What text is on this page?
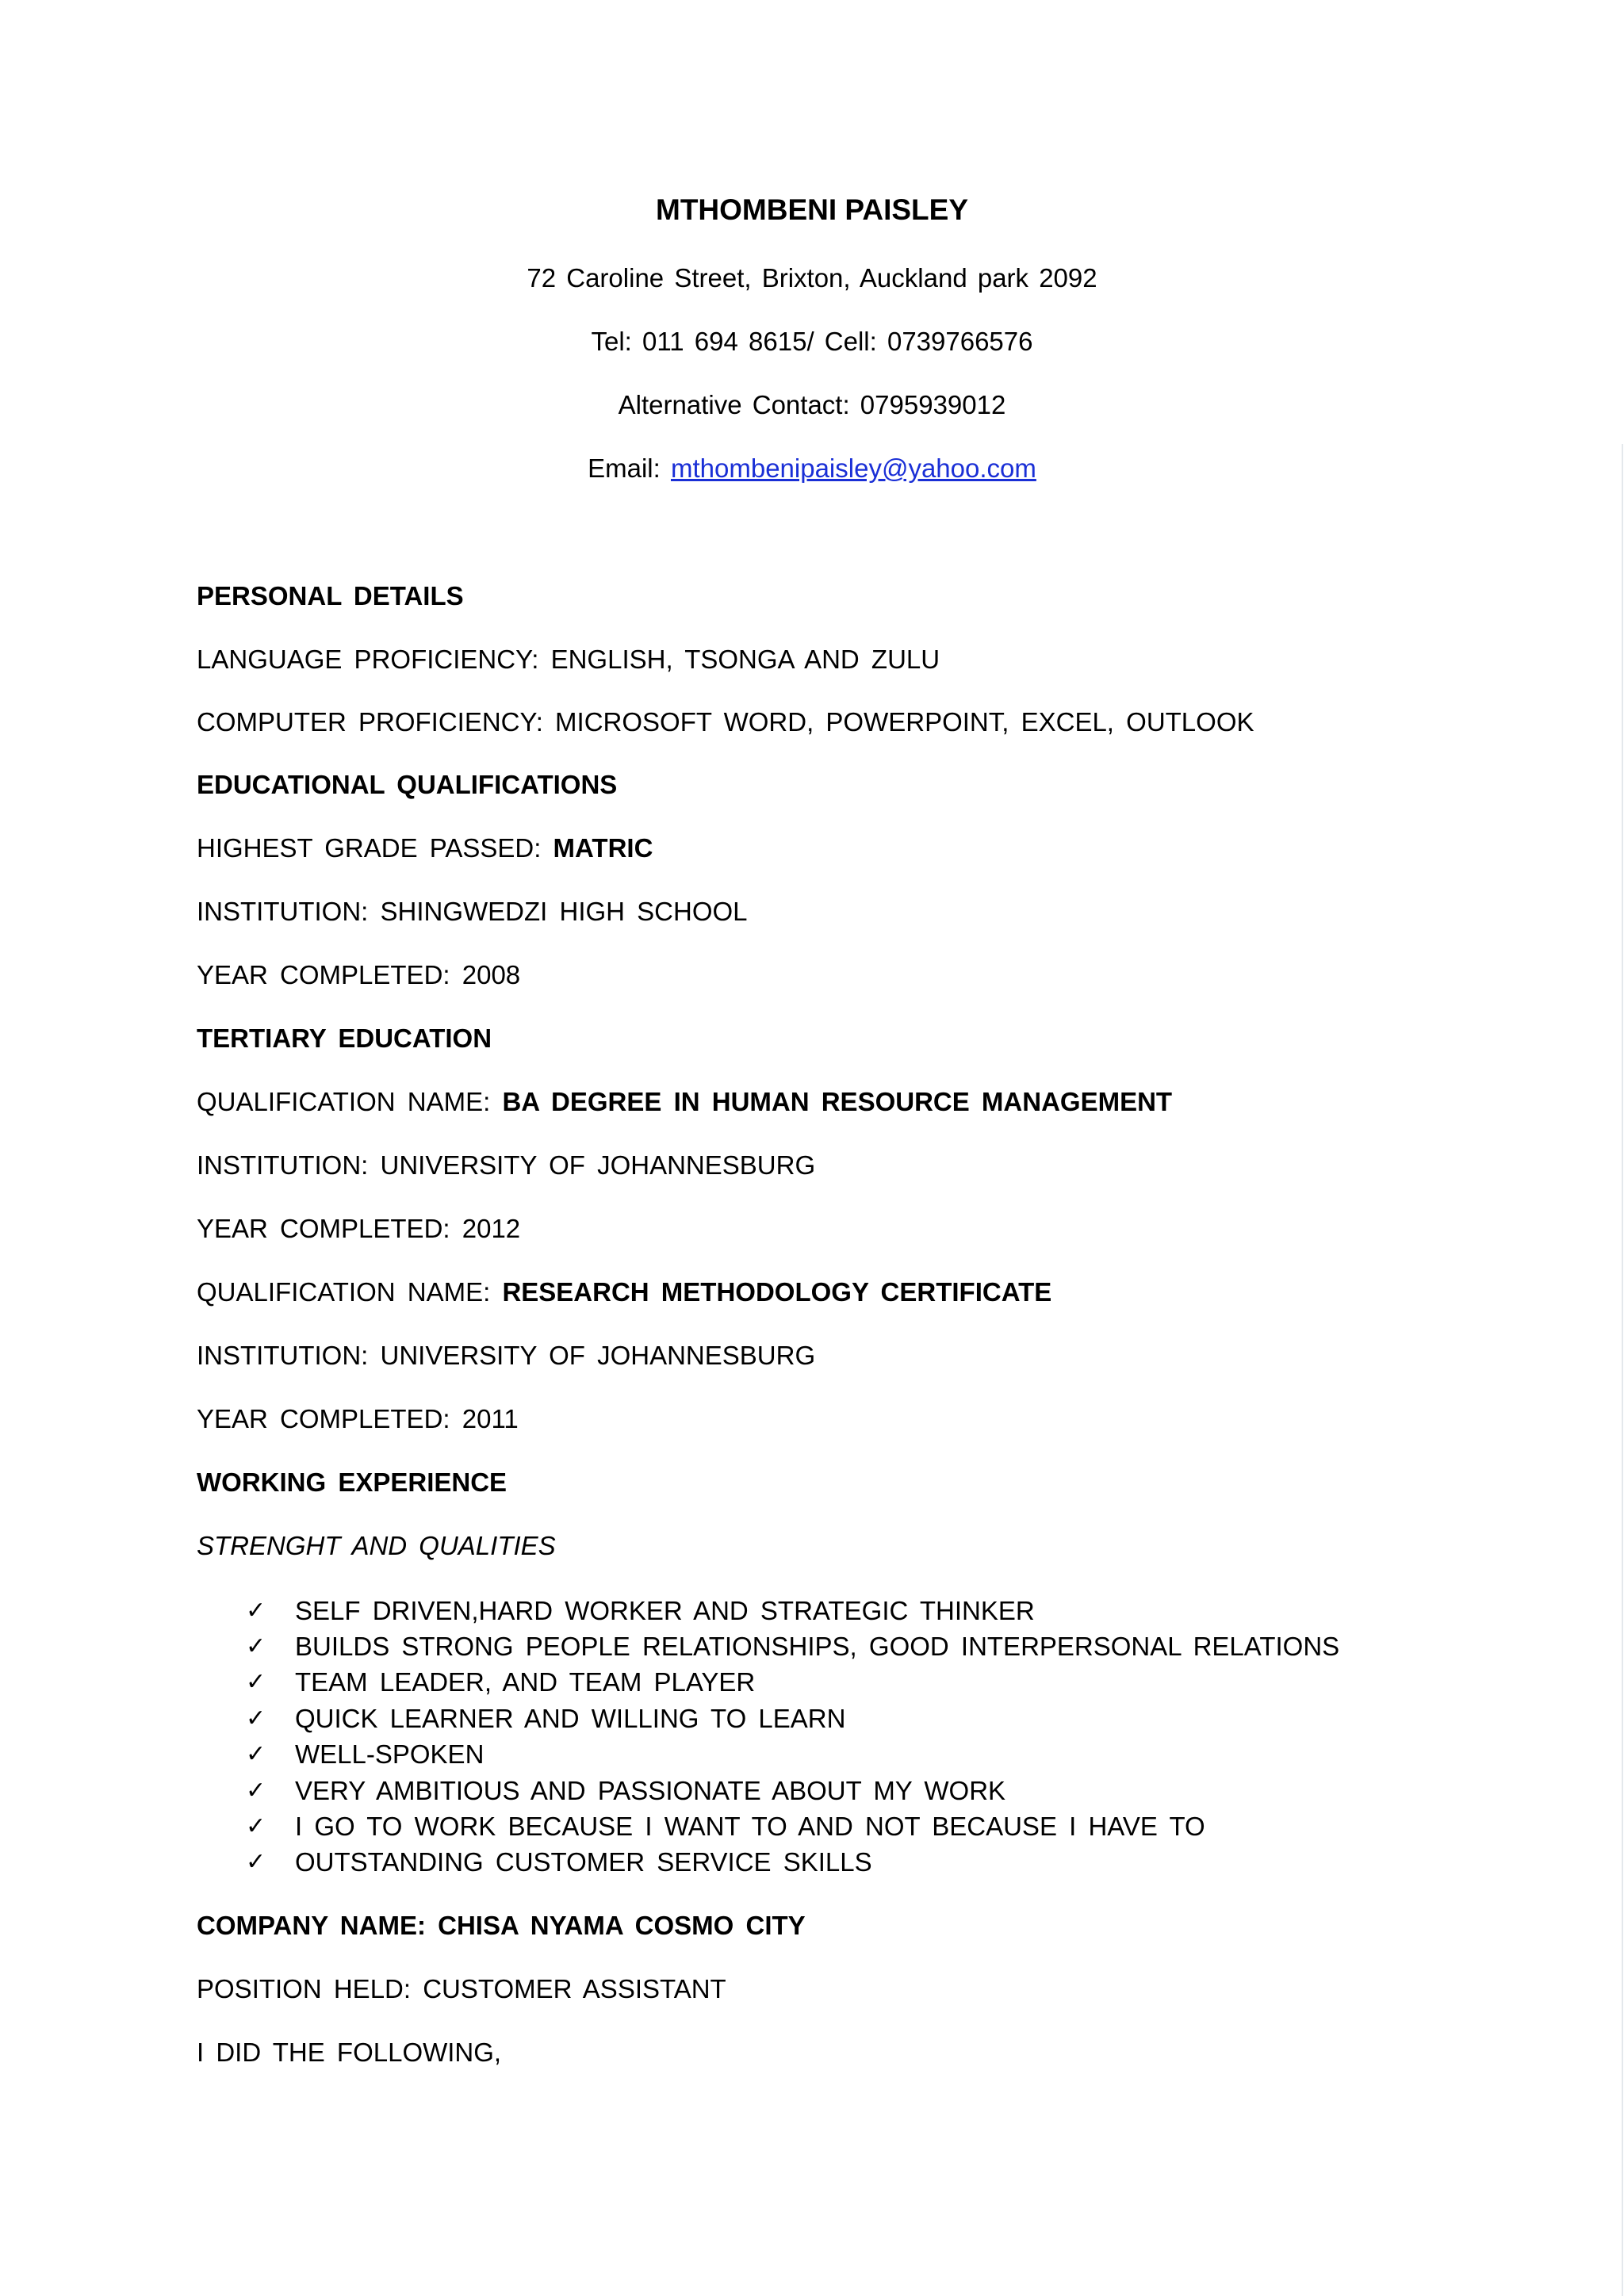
MTHOMBENI PAISLEY
72 Caroline Street, Brixton, Auckland park 2092
Tel: 011 694 8615/ Cell: 0739766576
Alternative Contact: 0795939012
Email: mthombenipaisley@yahoo.com
PERSONAL DETAILS
LANGUAGE PROFICIENCY: ENGLISH, TSONGA AND ZULU
COMPUTER PROFICIENCY: MICROSOFT WORD, POWERPOINT, EXCEL, OUTLOOK
EDUCATIONAL QUALIFICATIONS
HIGHEST GRADE PASSED: MATRIC
INSTITUTION: SHINGWEDZI HIGH SCHOOL
YEAR COMPLETED: 2008
TERTIARY EDUCATION
QUALIFICATION NAME: BA DEGREE IN HUMAN RESOURCE MANAGEMENT
INSTITUTION: UNIVERSITY OF JOHANNESBURG
YEAR COMPLETED: 2012
QUALIFICATION NAME: RESEARCH METHODOLOGY CERTIFICATE
INSTITUTION: UNIVERSITY OF JOHANNESBURG
YEAR COMPLETED: 2011
WORKING EXPERIENCE
STRENGHT AND QUALITIES
✓	SELF DRIVEN,HARD WORKER AND STRATEGIC THINKER
✓	BUILDS STRONG PEOPLE RELATIONSHIPS, GOOD INTERPERSONAL RELATIONS
✓	TEAM LEADER, AND TEAM PLAYER
✓	QUICK LEARNER AND WILLING TO LEARN
✓	WELL-SPOKEN
✓	VERY AMBITIOUS AND PASSIONATE ABOUT MY WORK
✓	I GO TO WORK BECAUSE I WANT TO AND NOT BECAUSE I HAVE TO
✓	OUTSTANDING CUSTOMER SERVICE SKILLS
COMPANY NAME: CHISA NYAMA COSMO CITY
POSITION HELD: CUSTOMER ASSISTANT
I DID THE FOLLOWING,
